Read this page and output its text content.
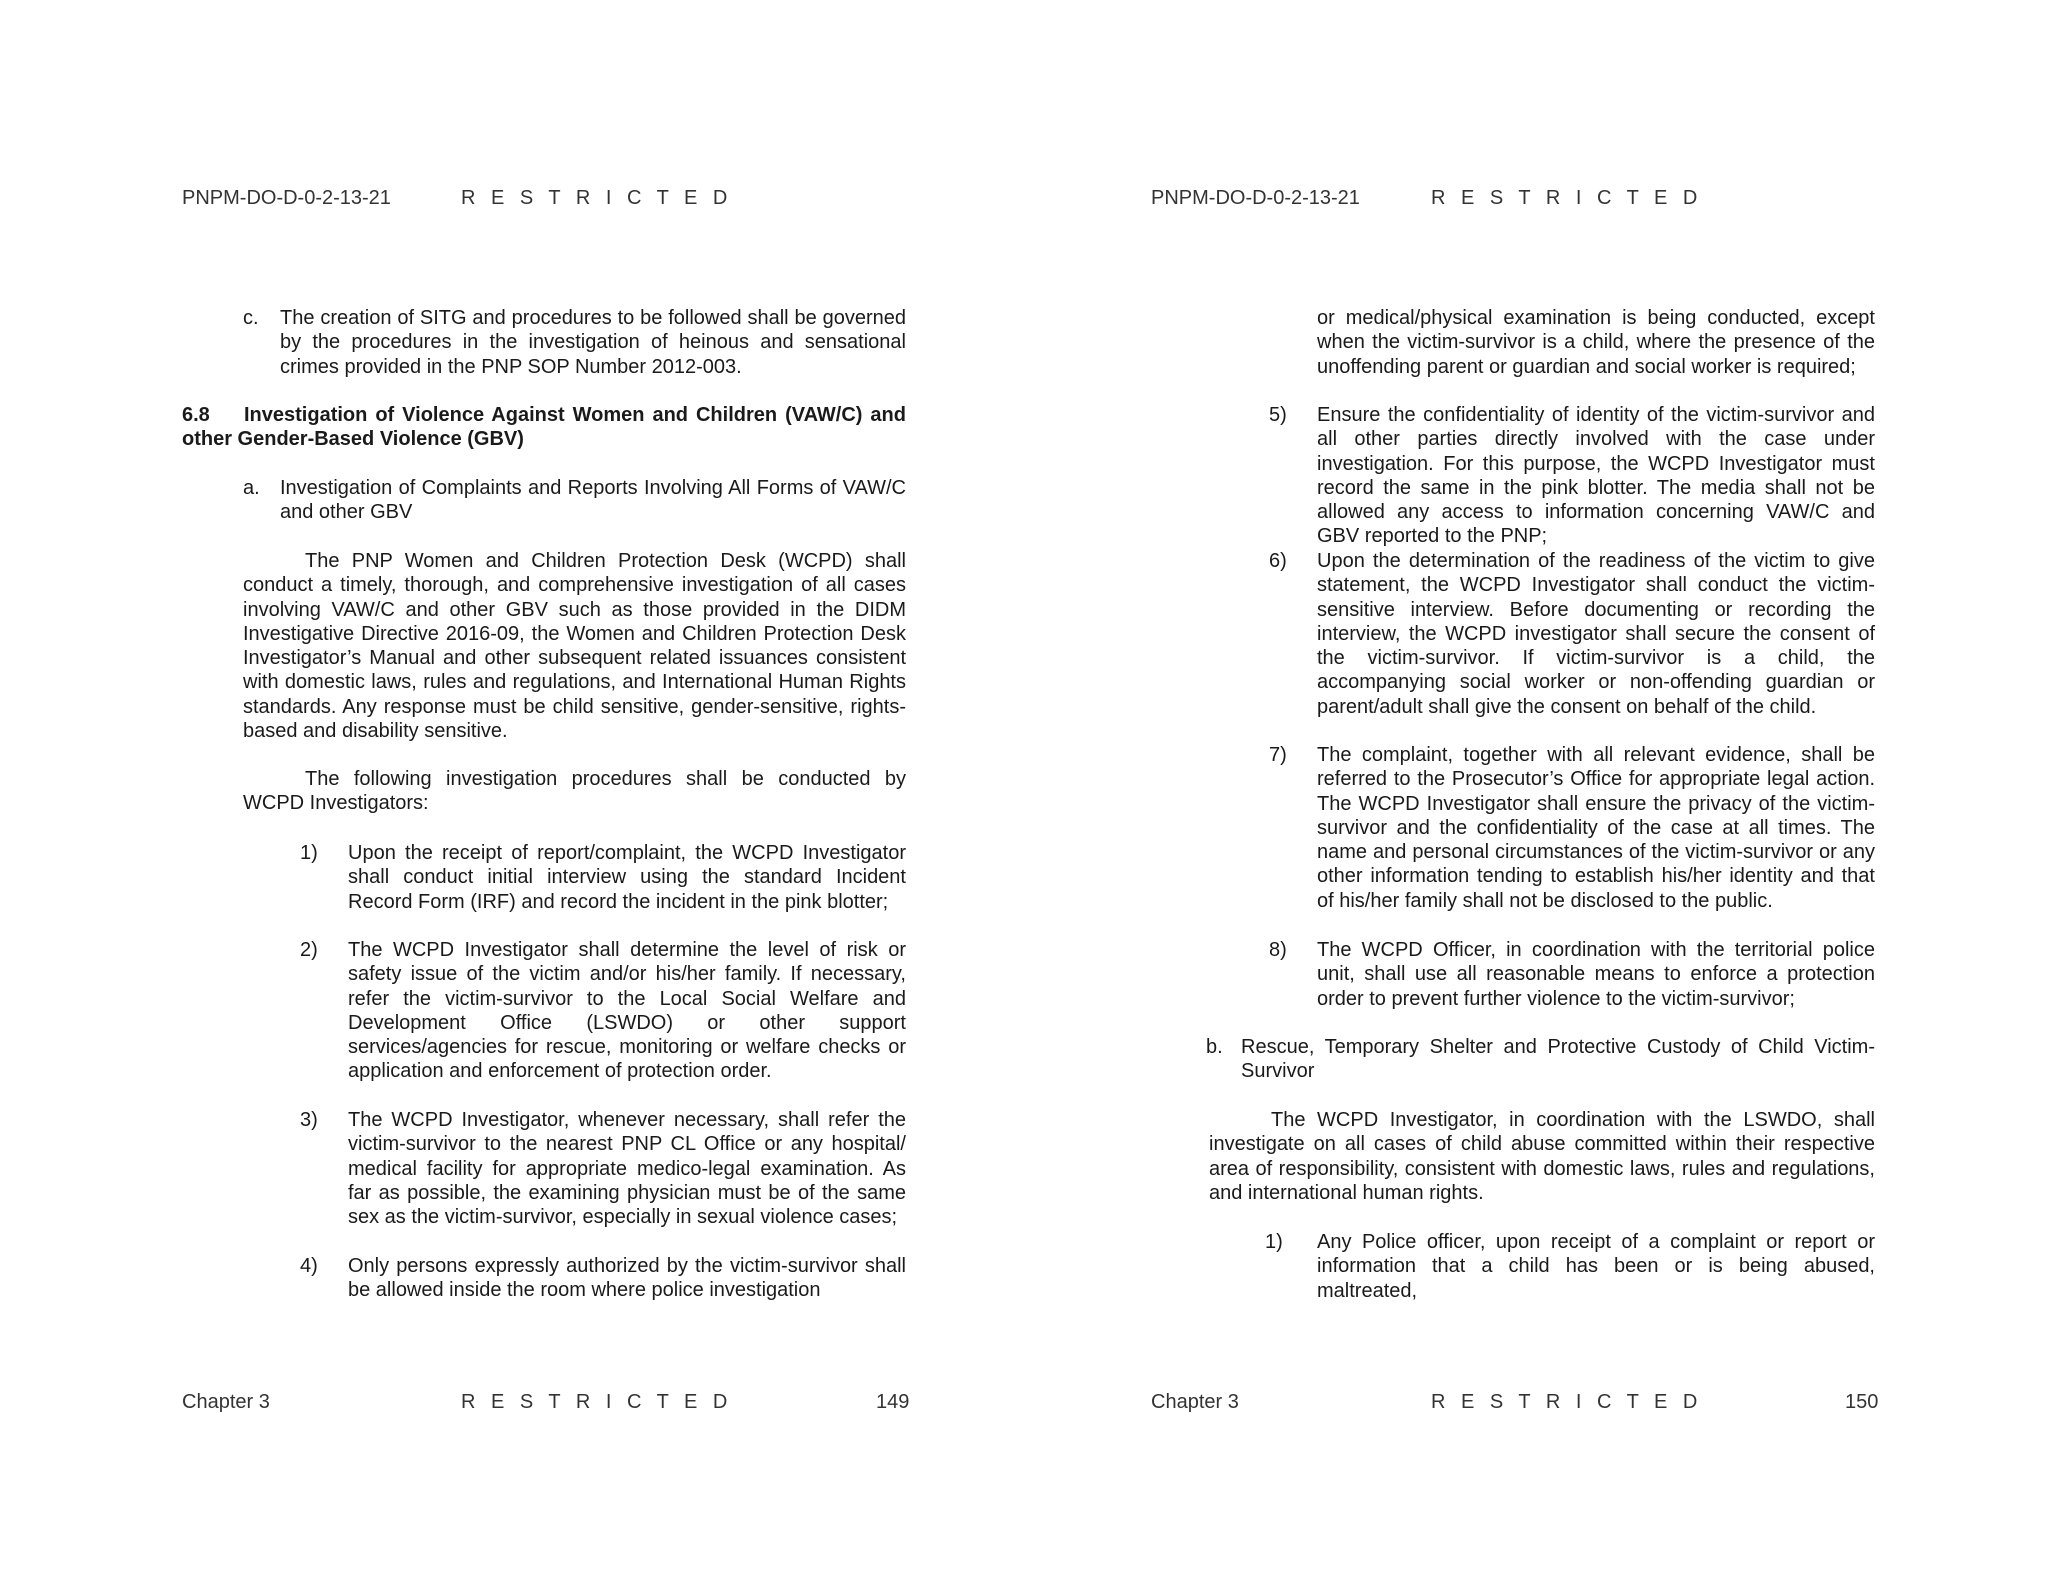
PNPM-DO-D-0-2-13-21	R E S T R I C T E D

c. The creation of SITG and procedures to be followed shall be governed by the procedures in the investigation of heinous and sensational crimes provided in the PNP SOP Number 2012-003.

6.8 Investigation of Violence Against Women and Children (VAW/C) and other Gender-Based Violence (GBV)

a. Investigation of Complaints and Reports Involving All Forms of VAW/C and other GBV

The PNP Women and Children Protection Desk (WCPD) shall conduct a timely, thorough, and comprehensive investigation of all cases involving VAW/C and other GBV such as those provided in the DIDM Investigative Directive 2016-09, the Women and Children Protection Desk Investigator’s Manual and other subsequent related issuances consistent with domestic laws, rules and regulations, and International Human Rights standards. Any response must be child sensitive, gender-sensitive, rights-based and disability sensitive.

The following investigation procedures shall be conducted by WCPD Investigators:

1) Upon the receipt of report/complaint, the WCPD Investigator shall conduct initial interview using the standard Incident Record Form (IRF) and record the incident in the pink blotter;

2) The WCPD Investigator shall determine the level of risk or safety issue of the victim and/or his/her family. If necessary, refer the victim-survivor to the Local Social Welfare and Development Office (LSWDO) or other support services/agencies for rescue, monitoring or welfare checks or application and enforcement of protection order.

3) The WCPD Investigator, whenever necessary, shall refer the victim-survivor to the nearest PNP CL Office or any hospital/ medical facility for appropriate medico-legal examination. As far as possible, the examining physician must be of the same sex as the victim-survivor, especially in sexual violence cases;

4) Only persons expressly authorized by the victim-survivor shall be allowed inside the room where police investigation

Chapter 3	R E S T R I C T E D	149
PNPM-DO-D-0-2-13-21	R E S T R I C T E D

or medical/physical examination is being conducted, except when the victim-survivor is a child, where the presence of the unoffending parent or guardian and social worker is required;

5) Ensure the confidentiality of identity of the victim-survivor and all other parties directly involved with the case under investigation. For this purpose, the WCPD Investigator must record the same in the pink blotter. The media shall not be allowed any access to information concerning VAW/C and GBV reported to the PNP;

6) Upon the determination of the readiness of the victim to give statement, the WCPD Investigator shall conduct the victim-sensitive interview. Before documenting or recording the interview, the WCPD investigator shall secure the consent of the victim-survivor. If victim-survivor is a child, the accompanying social worker or non-offending guardian or parent/adult shall give the consent on behalf of the child.

7) The complaint, together with all relevant evidence, shall be referred to the Prosecutor’s Office for appropriate legal action. The WCPD Investigator shall ensure the privacy of the victim-survivor and the confidentiality of the case at all times. The name and personal circumstances of the victim-survivor or any other information tending to establish his/her identity and that of his/her family shall not be disclosed to the public.

8) The WCPD Officer, in coordination with the territorial police unit, shall use all reasonable means to enforce a protection order to prevent further violence to the victim-survivor;

b. Rescue, Temporary Shelter and Protective Custody of Child Victim-Survivor

The WCPD Investigator, in coordination with the LSWDO, shall investigate on all cases of child abuse committed within their respective area of responsibility, consistent with domestic laws, rules and regulations, and international human rights.

1) Any Police officer, upon receipt of a complaint or report or information that a child has been or is being abused, maltreated,

Chapter 3	R E S T R I C T E D	150
